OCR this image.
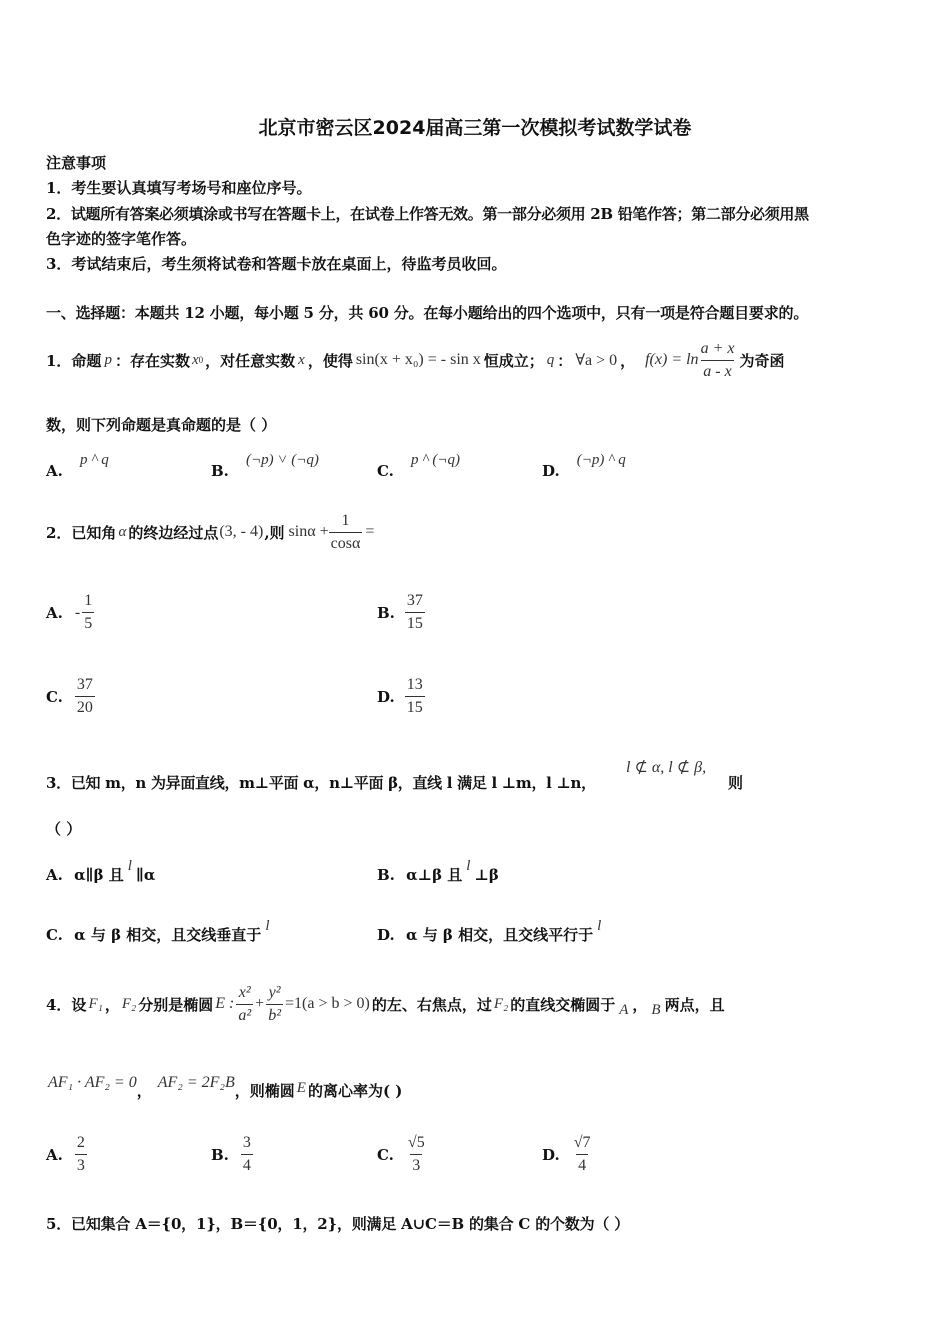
北京市密云区2024届高三第一次模拟考试数学试卷
注意事项
1．考生要认真填写考场号和座位序号。
2．试题所有答案必须填涂或书写在答题卡上，在试卷上作答无效。第一部分必须用 2B 铅笔作答；第二部分必须用黑
色字迹的签字笔作答。
3．考试结束后，考生须将试卷和答题卡放在桌面上，待监考员收回。
一、选择题：本题共 12 小题，每小题 5 分，共 60 分。在每小题给出的四个选项中，只有一项是符合题目要求的。
1．命题 p ：存在实数 x 0 ，对任意实数 x ，使得 sin(x + x₀) = - sin x 恒成立； q ： ∀a > 0 ， $f(x) = \ln \frac{a + x}{a - x}$ 为奇函
数，则下列命题是真命题的是（ ）
A. p ^ q
B. (¬p) ˅ (¬q)
C. p ^ (¬q)
D. (¬p) ^ q
2．已知角 α 的终边经过点 (3, - 4) ,则 $\sin\alpha + \frac{1}{\cos\alpha}$ =
A. - $\frac{1}{5}$	B. $\frac{37}{15}$
C. $\frac{37}{20}$	D. $\frac{13}{15}$
3．已知 m，n 为异面直线，m⊥平面 α，n⊥平面 β，直线 l 满足 l ⊥m，l ⊥n，
l ⊄ α, l ⊄ β,
则
（ ）
A. α∥β 且 l ∥α	B. α⊥β 且 l ⊥β
C. α 与 β 相交，且交线垂直于 l	D. α 与 β 相交，且交线平行于 l
4．设 F₁ ， F₂ 分别是椭圆 E : $\frac{\text{x²}}{\text{a²}} + \frac{\text{y²}}{\text{b²}} =1(a > b > 0)$ 的左、右焦点，过 F₂ 的直线交椭圆于 A ， B 两点，且
AF₁ · AF₂ = 0 ， AF₂ = 2F₂B ，则椭圆 E 的离心率为( )
A. $\frac{2}{3}$	B. $\frac{3}{4}$	C. $\frac{√5}{3}$	D. $\frac{√7}{4}$
5．已知集合 A＝{0，1}，B＝{0，1，2}，则满足 A∪C＝B 的集合 C 的个数为（ ）
